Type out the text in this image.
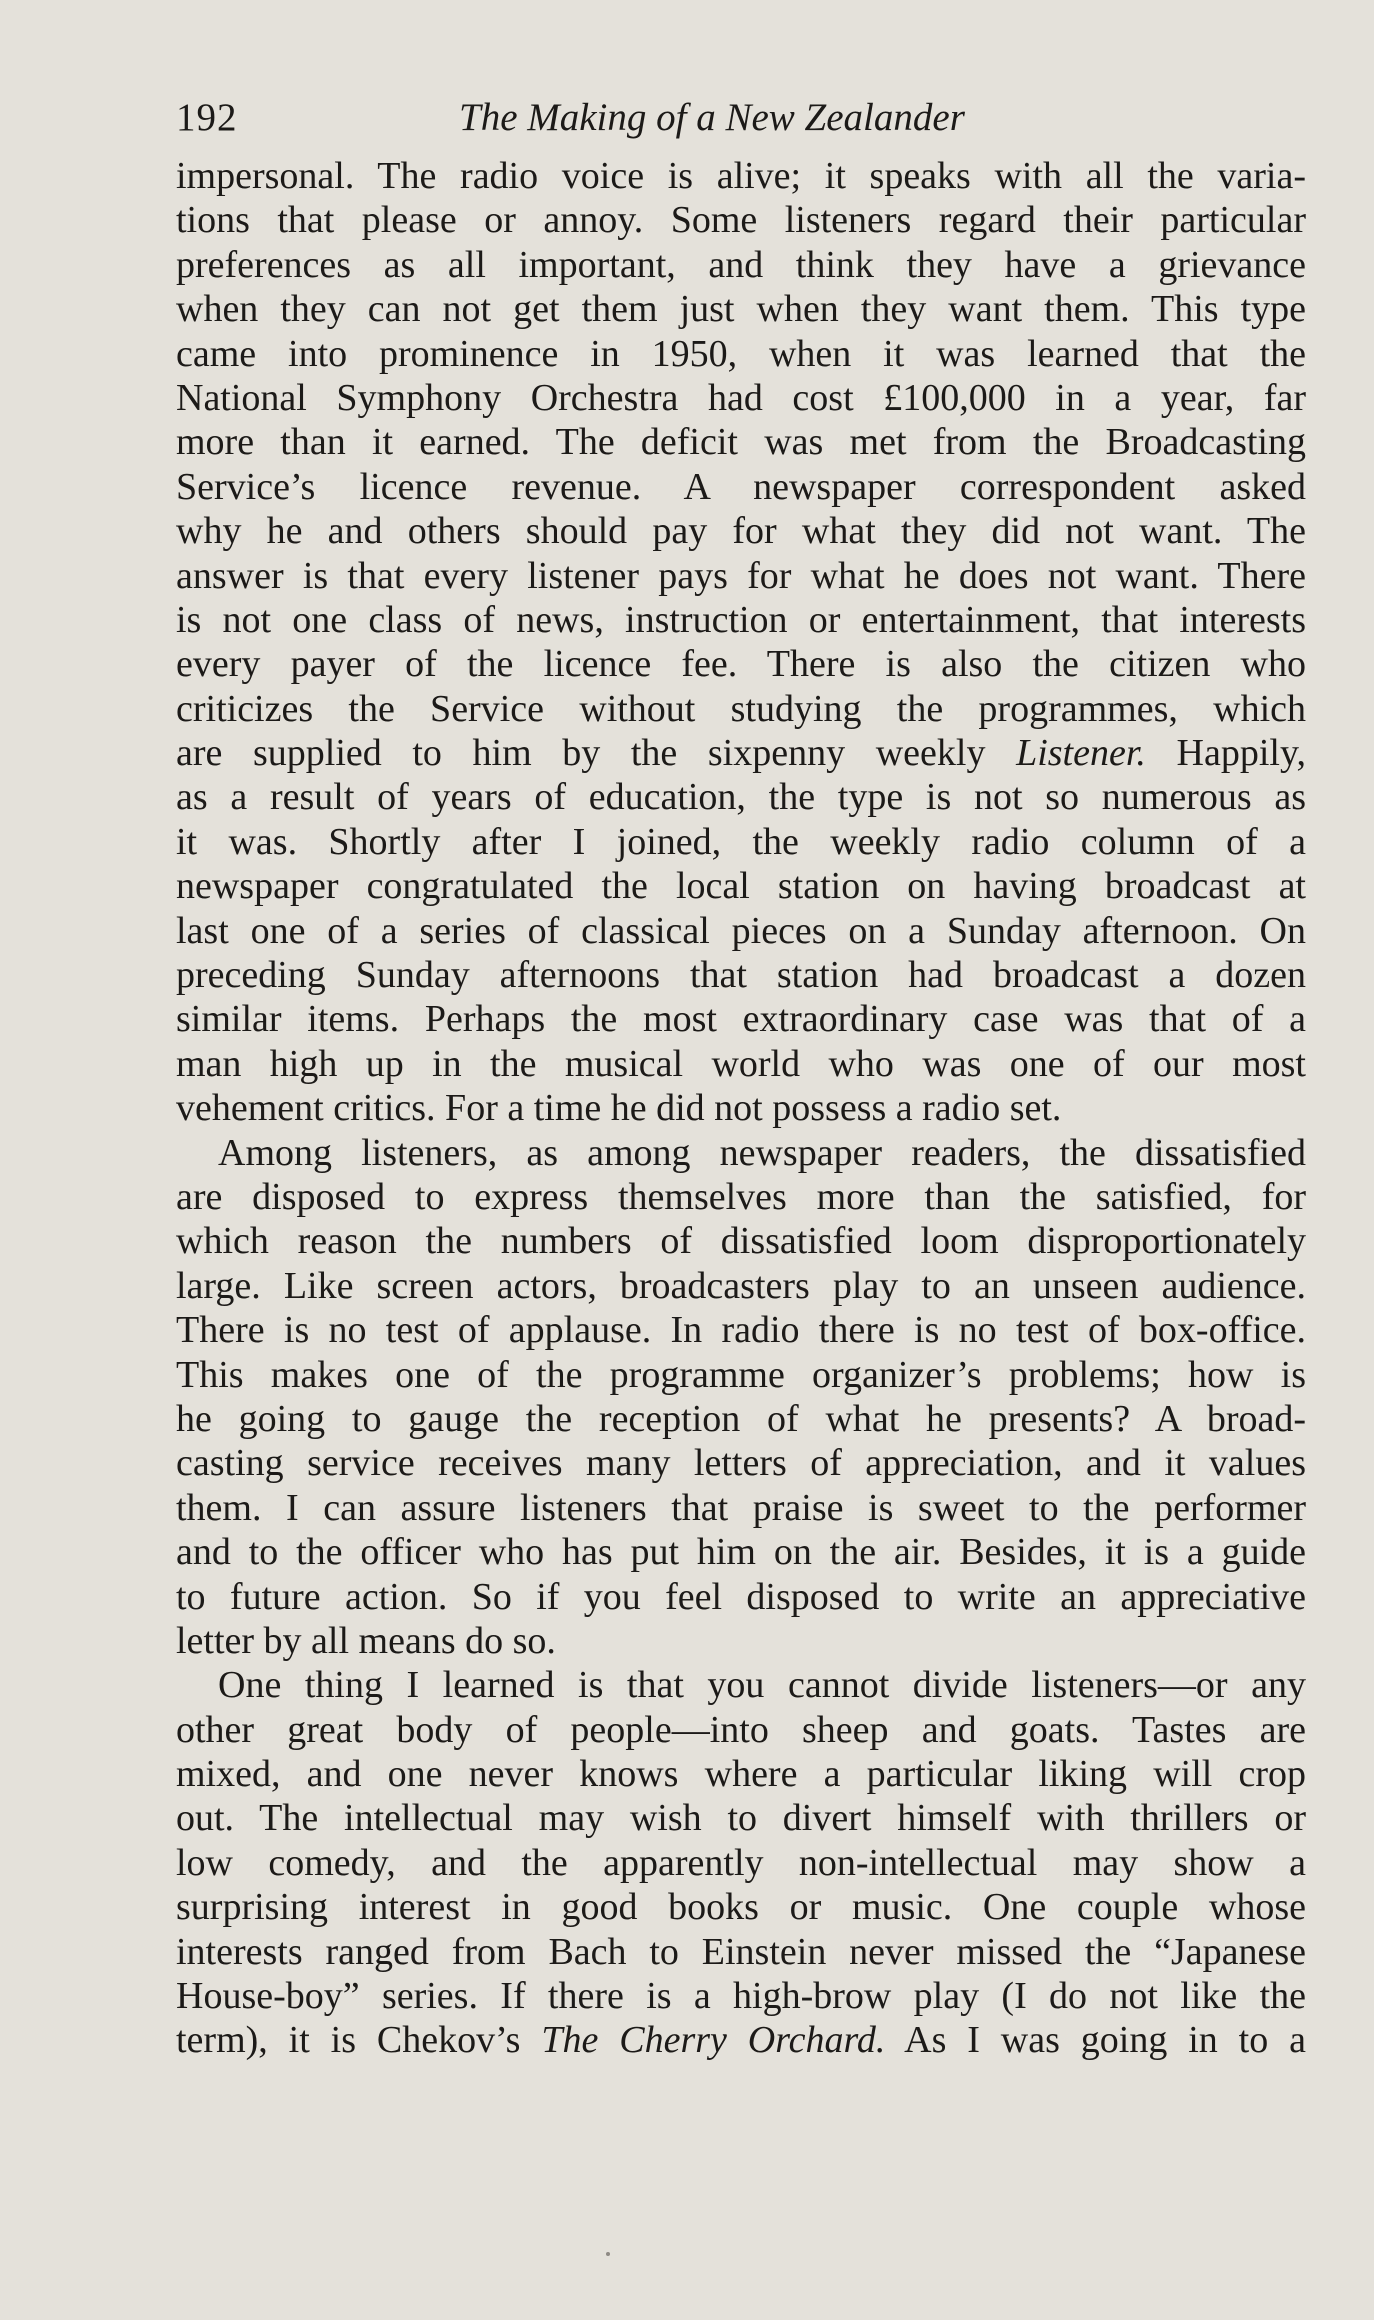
192	The Making of a New Zealander
impersonal. The radio voice is alive; it speaks with all the varia-
tions that please or annoy. Some listeners regard their particular
preferences as all important, and think they have a grievance
when they can not get them just when they want them. This type
came into prominence in 1950, when it was learned that the
National Symphony Orchestra had cost £100,000 in a year, far
more than it earned. The deficit was met from the Broadcasting
Service’s licence revenue. A newspaper correspondent asked
why he and others should pay for what they did not want. The
answer is that every listener pays for what he does not want. There
is not one class of news, instruction or entertainment, that interests
every payer of the licence fee. There is also the citizen who
criticizes the Service without studying the programmes, which
are supplied to him by the sixpenny weekly Listener. Happily,
as a result of years of education, the type is not so numerous as
it was. Shortly after I joined, the weekly radio column of a
newspaper congratulated the local station on having broadcast at
last one of a series of classical pieces on a Sunday afternoon. On
preceding Sunday afternoons that station had broadcast a dozen
similar items. Perhaps the most extraordinary case was that of a
man high up in the musical world who was one of our most
vehement critics. For a time he did not possess a radio set.
Among listeners, as among newspaper readers, the dissatisfied
are disposed to express themselves more than the satisfied, for
which reason the numbers of dissatisfied loom disproportionately
large. Like screen actors, broadcasters play to an unseen audience.
There is no test of applause. In radio there is no test of box-office.
This makes one of the programme organizer’s problems; how is
he going to gauge the reception of what he presents? A broad-
casting service receives many letters of appreciation, and it values
them. I can assure listeners that praise is sweet to the performer
and to the officer who has put him on the air. Besides, it is a guide
to future action. So if you feel disposed to write an appreciative
letter by all means do so.
One thing I learned is that you cannot divide listeners—or any
other great body of people—into sheep and goats. Tastes are
mixed, and one never knows where a particular liking will crop
out. The intellectual may wish to divert himself with thrillers or
low comedy, and the apparently non-intellectual may show a
surprising interest in good books or music. One couple whose
interests ranged from Bach to Einstein never missed the “Japanese
House-boy” series. If there is a high-brow play (I do not like the
term), it is Chekov’s The Cherry Orchard. As I was going in to a
